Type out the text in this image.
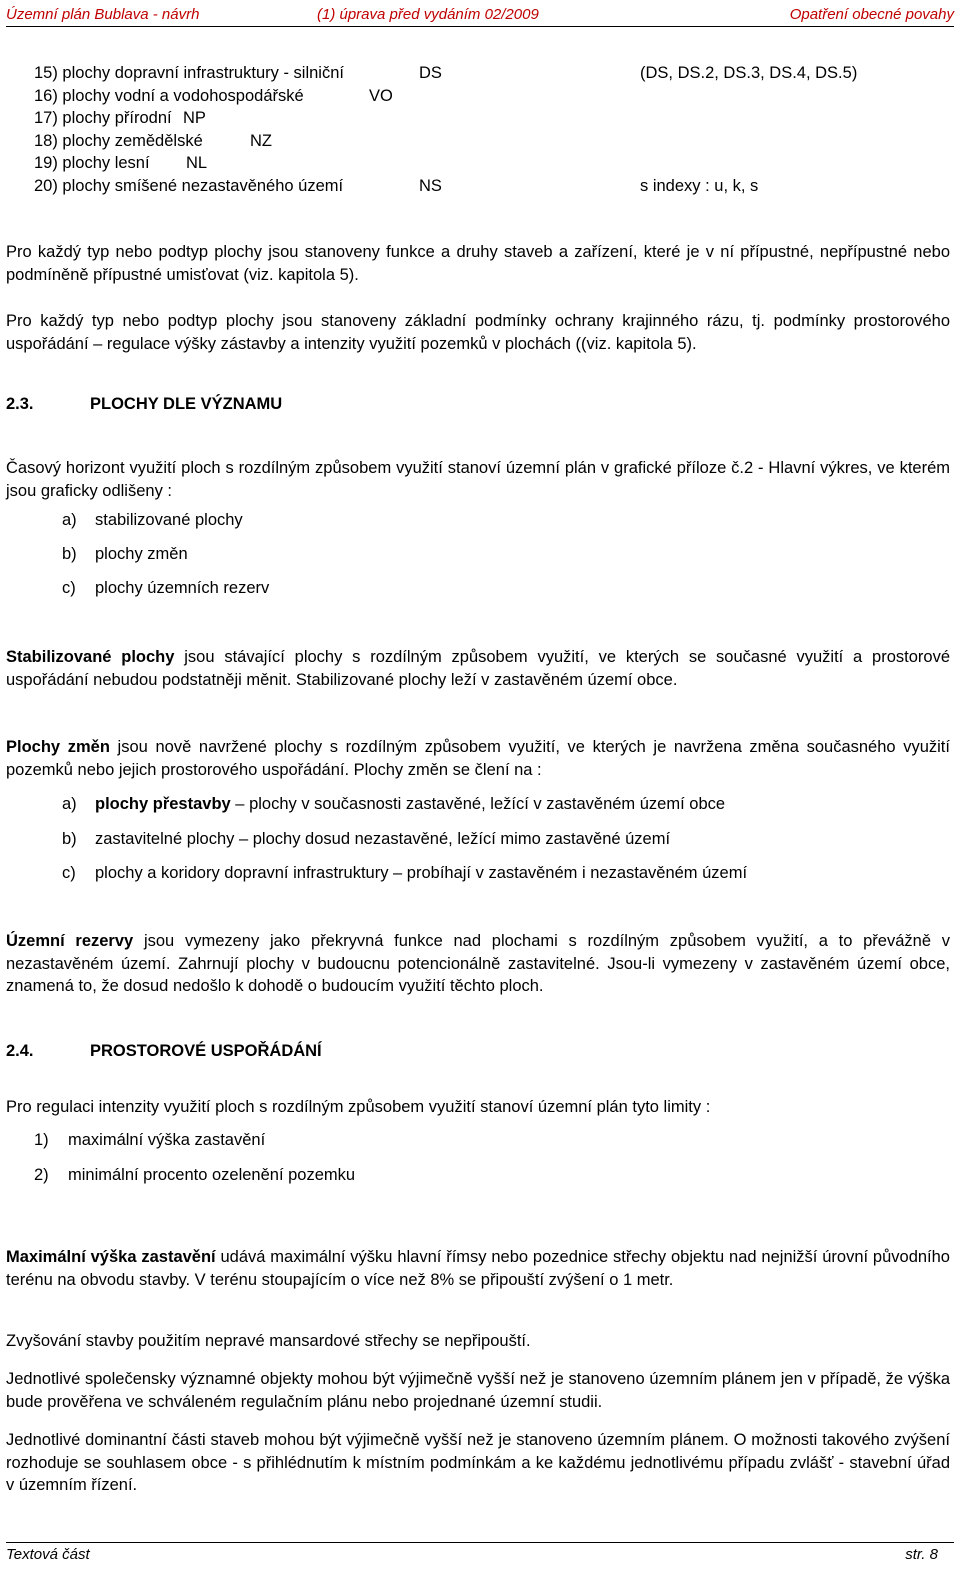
Územní plán Bublava - návrh	(1) úprava před vydáním 02/2009	Opatření obecné povahy
15) plochy dopravní infrastruktury - silniční	DS	(DS, DS.2, DS.3, DS.4, DS.5)
16) plochy vodní a vodohospodářské	VO
17) plochy přírodní NP
18) plochy zemědělské	NZ
19) plochy lesní NL
20) plochy smíšené nezastavěného území	NS	s indexy : u, k, s

Pro každý typ nebo podtyp plochy jsou stanoveny funkce a druhy staveb a zařízení, které je v ní přípustné, nepřípustné nebo podmíněně přípustné umisťovat (viz. kapitola 5).

Pro každý typ nebo podtyp plochy jsou stanoveny základní podmínky ochrany krajinného rázu, tj. podmínky prostorového uspořádání – regulace výšky zástavby a intenzity využití pozemků v plochách ((viz. kapitola 5).

2.3.	PLOCHY DLE VÝZNAMU

Časový horizont využití ploch s rozdílným způsobem využití stanoví územní plán v grafické příloze č.2 - Hlavní výkres, ve kterém jsou graficky odlišeny :

a) stabilizované plochy
b) plochy změn
c) plochy územních rezerv

Stabilizované plochy jsou stávající plochy s rozdílným způsobem využití, ve kterých se současné využití a prostorové uspořádání nebudou podstatněji měnit. Stabilizované plochy leží v zastavěném území obce.

Plochy změn jsou nově navržené plochy s rozdílným způsobem využití, ve kterých je navržena změna současného využití pozemků nebo jejich prostorového uspořádání. Plochy změn se člení na :

a) plochy přestavby – plochy v současnosti zastavěné, ležící v zastavěném území obce
b) zastavitelné plochy – plochy dosud nezastavěné, ležící mimo zastavěné území
c) plochy a koridory dopravní infrastruktury – probíhají v zastavěném i nezastavěném území

Územní rezervy jsou vymezeny jako překryvná funkce nad plochami s rozdílným způsobem využití, a to převážně v nezastavěném území. Zahrnují plochy v budoucnu potencionálně zastavitelné. Jsou-li vymezeny v zastavěném území obce, znamená to, že dosud nedošlo k dohodě o budoucím využití těchto ploch.

2.4.	PROSTOROVÉ USPOŘÁDÁNÍ

Pro regulaci intenzity využití ploch s rozdílným způsobem využití stanoví územní plán tyto limity :

1) maximální výška zastavění
2) minimální procento ozelenění pozemku

Maximální výška zastavění udává maximální výšku hlavní římsy nebo pozednice střechy objektu nad nejnižší úrovní původního terénu na obvodu stavby. V terénu stoupajícím o více než 8% se připouští zvýšení o 1 metr.

Zvyšování stavby použitím nepravé mansardové střechy se nepřipouští.

Jednotlivé společensky významné objekty mohou být výjimečně vyšší než je stanoveno územním plánem jen v případě, že výška bude prověřena ve schváleném regulačním plánu nebo projednané územní studii.

Jednotlivé dominantní části staveb mohou být výjimečně vyšší než je stanoveno územním plánem. O možnosti takového zvýšení rozhoduje se souhlasem obce - s přihlédnutím k místním podmínkám a ke každému jednotlivému případu zvlášť - stavební úřad v územním řízení.

Textová část	str. 8
